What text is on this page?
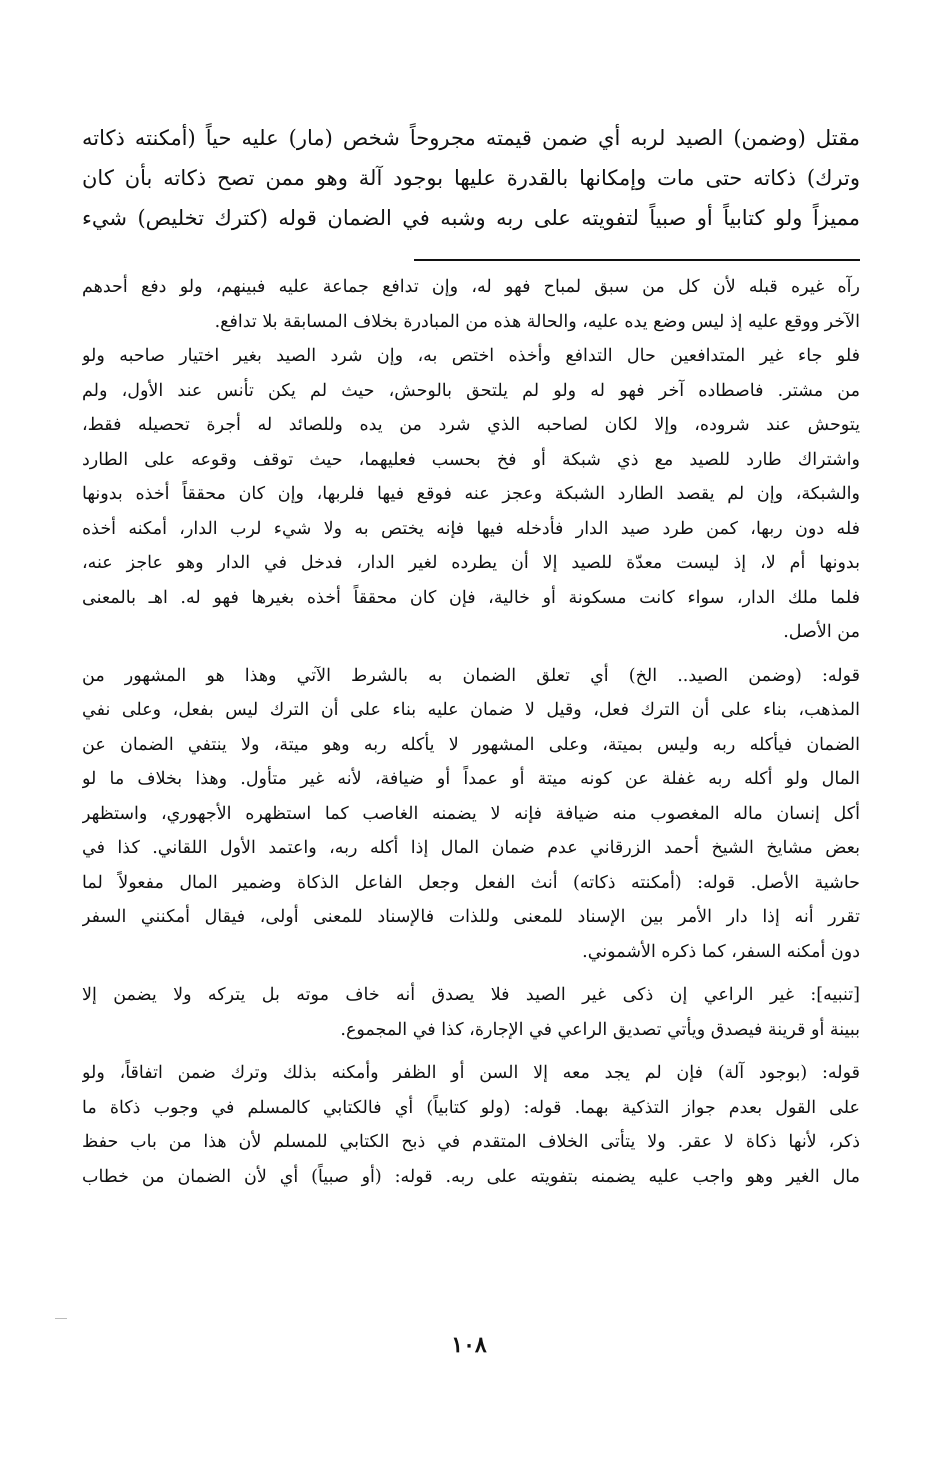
مقتل (وضمن) الصيد لربه أي ضمن قيمته مجروحاً شخص (مار) عليه حياً (أمكنته ذكاته
وترك) ذكاته حتى مات وإمكانها بالقدرة عليها بوجود آلة وهو ممن تصح ذكاته بأن كان
مميزاً ولو كتابياً أو صبياً لتفويته على ربه وشبه في الضمان قوله (كترك تخليص) شيء

رآه غيره قبله لأن كل من سبق لمباح فهو له، وإن تدافع جماعة عليه فبينهم، ولو دفع أحدهم
الآخر ووقع عليه إذ ليس وضع يده عليه، والحالة هذه من المبادرة بخلاف المسابقة بلا تدافع.
فلو جاء غير المتدافعين حال التدافع وأخذه اختص به، وإن شرد الصيد بغير اختيار صاحبه ولو
من مشتر. فاصطاده آخر فهو له ولو لم يلتحق بالوحش، حيث لم يكن تأنس عند الأول، ولم
يتوحش عند شروده، وإلا لكان لصاحبه الذي شرد من يده وللصائد له أجرة تحصيله فقط،
واشتراك طارد للصيد مع ذي شبكة أو فخ بحسب فعليهما، حيث توقف وقوعه على الطارد
والشبكة، وإن لم يقصد الطارد الشبكة وعجز عنه فوقع فيها فلربها، وإن كان محققاً أخذه بدونها
فله دون ربها، كمن طرد صيد الدار فأدخله فيها فإنه يختص به ولا شيء لرب الدار، أمكنه أخذه
بدونها أم لا، إذ ليست معدّة للصيد إلا أن يطرده لغير الدار، فدخل في الدار وهو عاجز عنه،
فلما ملك الدار، سواء كانت مسكونة أو خالية، فإن كان محققاً أخذه بغيرها فهو له. اهـ بالمعنى
من الأصل.

قوله: (وضمن الصيد.. الخ) أي تعلق الضمان به بالشرط الآتي وهذا هو المشهور من
المذهب، بناء على أن الترك فعل، وقيل لا ضمان عليه بناء على أن الترك ليس بفعل، وعلى نفي
الضمان فيأكله ربه وليس بميتة، وعلى المشهور لا يأكله ربه وهو ميتة، ولا ينتفي الضمان عن
المال ولو أكله ربه غفلة عن كونه ميتة أو عمداً أو ضيافة، لأنه غير متأول. وهذا بخلاف ما لو
أكل إنسان ماله المغصوب منه ضيافة فإنه لا يضمنه الغاصب كما استظهره الأجهوري، واستظهر
بعض مشايخ الشيخ أحمد الزرقاني عدم ضمان المال إذا أكله ربه، واعتمد الأول اللقاني. كذا في
حاشية الأصل. قوله: (أمكنته ذكاته) أنث الفعل وجعل الفاعل الذكاة وضمير المال مفعولاً لما
تقرر أنه إذا دار الأمر بين الإسناد للمعنى وللذات فالإسناد للمعنى أولى، فيقال أمكنني السفر
دون أمكنه السفر، كما ذكره الأشموني.

[تنبيه]: غير الراعي إن ذكى غير الصيد فلا يصدق أنه خاف موته بل يتركه ولا يضمن إلا
ببينة أو قرينة فيصدق ويأتي تصديق الراعي في الإجارة، كذا في المجموع.

قوله: (بوجود آلة) فإن لم يجد معه إلا السن أو الظفر وأمكنه بذلك وترك ضمن اتفاقاً، ولو
على القول بعدم جواز التذكية بهما. قوله: (ولو كتابياً) أي فالكتابي كالمسلم في وجوب ذكاة ما
ذكر، لأنها ذكاة لا عقر. ولا يتأتى الخلاف المتقدم في ذبح الكتابي للمسلم لأن هذا من باب حفظ
مال الغير وهو واجب عليه يضمنه بتفويته على ربه. قوله: (أو صبياً) أي لأن الضمان من خطاب

١٠٨
